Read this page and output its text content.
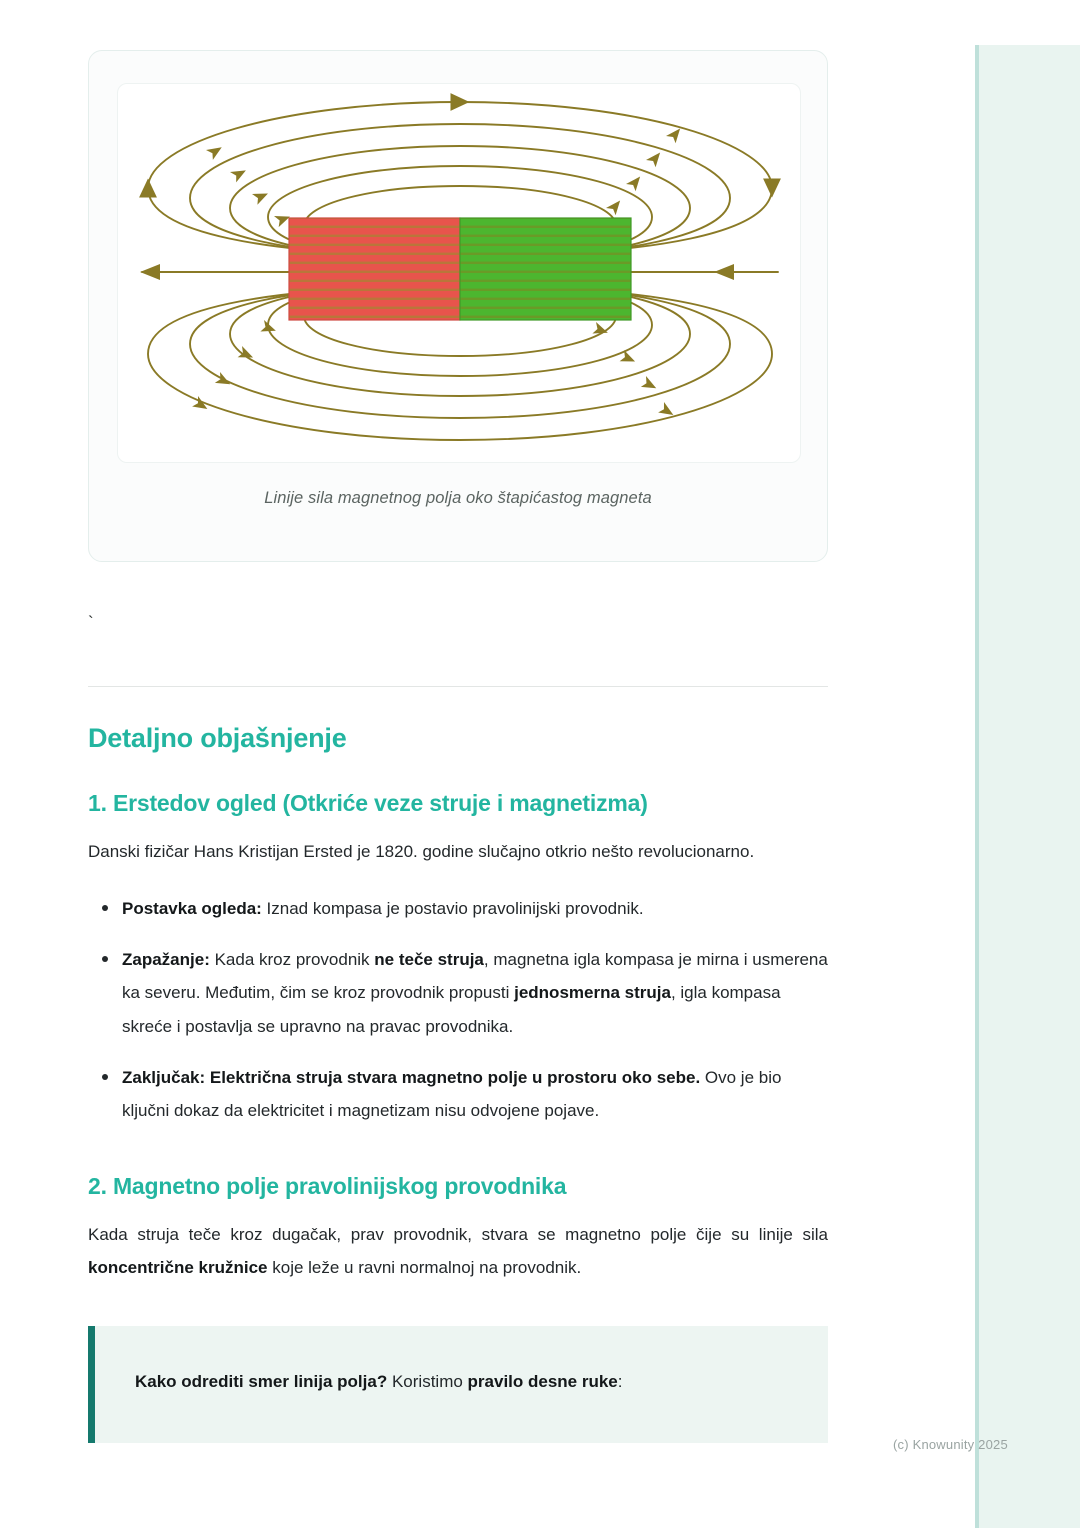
Linije sila magnetnog polja oko štapićastog magneta
`
Detaljno objašnjenje
1. Erstedov ogled (Otkriće veze struje i magnetizma)

Danski fizičar Hans Kristijan Ersted je 1820. godine slučajno otkrio nešto revolucionarno.

Postavka ogleda: Iznad kompasa je postavio pravolinijski provodnik.
Zapažanje: Kada kroz provodnik ne teče struja, magnetna igla kompasa je mirna i usmerena ka severu. Međutim, čim se kroz provodnik propusti jednosmerna struja, igla kompasa skreće i postavlja se upravno na pravac provodnika.
Zaključak: Električna struja stvara magnetno polje u prostoru oko sebe. Ovo je bio ključni dokaz da elektricitet i magnetizam nisu odvojene pojave.
2. Magnetno polje pravolinijskog provodnika

Kada struja teče kroz dugačak, prav provodnik, stvara se magnetno polje čije su linije sila koncentrične kružnice koje leže u ravni normalnoj na provodnik.

Kako odrediti smer linija polja? Koristimo pravilo desne ruke:
(c) Knowunity 2025
